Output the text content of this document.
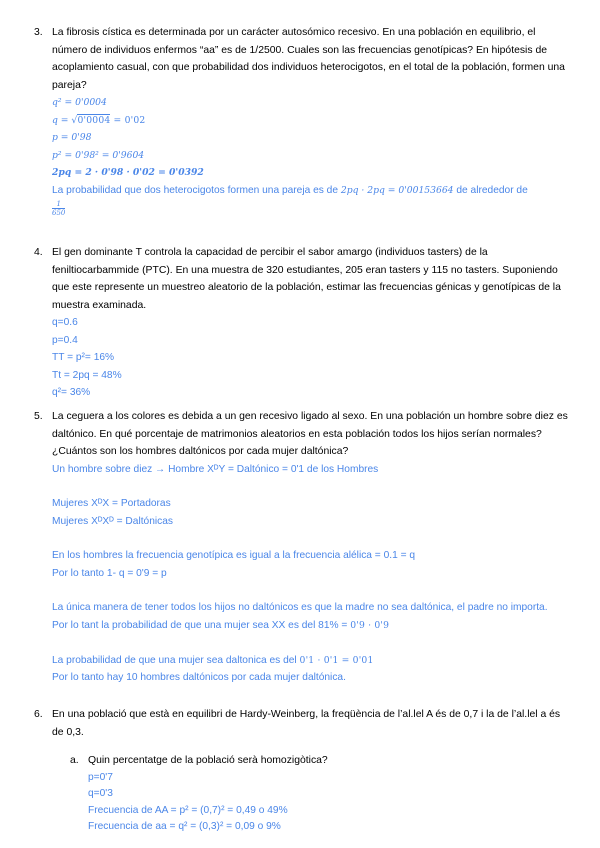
3. La fibrosis cística es determinada por un carácter autosómico recesivo. En una población en equilibrio, el número de individuos enfermos “aa” es de 1/2500. Cuales son las frecuencias genotípicas? En hipótesis de acoplamiento casual, con que probabilidad dos individuos heterocigotos, en el total de la población, formen una pareja?

q² = 0'0004

q = √0'0004 = 0'02

p = 0'98

p² = 0'98² = 0'9604

2pq = 2 · 0'98 · 0'02 = 0'0392

La probabilidad que dos heterocigotos formen una pareja es de 2pq · 2pq = 0'00153664 de alrededor de

$\frac{1}{650}$

4. El gen dominante T controla la capacidad de percibir el sabor amargo (individuos tasters) de la feniltiocarbammide (PTC). En una muestra de 320 estudiantes, 205 eran tasters y 115 no tasters. Suponiendo que este represente un muestreo aleatorio de la población, estimar las frecuencias génicas y genotípicas de la muestra examinada.

q=0.6

p=0.4

TT = p²= 16%

Tt = 2pq = 48%

q²= 36%

5. La ceguera a los colores es debida a un gen recesivo ligado al sexo. En una población un hombre sobre diez es daltónico. En qué porcentaje de matrimonios aleatorios en esta población todos los hijos serían normales? ¿Cuántos son los hombres daltónicos por cada mujer daltónica?

Un hombre sobre diez → Hombre XᴰY = Daltónico = 0'1 de los Hombres

Mujeres XᴰX = Portadoras

Mujeres XᴰXᴰ = Daltónicas

En los hombres la frecuencia genotípica es igual a la frecuencia alélica = 0.1 = q

Por lo tanto 1- q = 0'9 = p

La única manera de tener todos los hijos no daltónicos es que la madre no sea daltónica, el padre no importa.

Por lo tant la probabilidad de que una mujer sea XX es del 81% = 0'9 · 0'9

La probabilidad de que una mujer sea daltonica es del 0'1 · 0'1 = 0'01

Por lo tanto hay 10 hombres daltónicos por cada mujer daltónica.

6. En una població que està en equilibri de Hardy-Weinberg, la freqüència de l’al.lel A és de 0,7 i la de l’al.lel a és de 0,3.

a. Quin percentatge de la població serà homozigòtica?

p=0'7

q=0'3

Frecuencia de AA = p² = (0,7)² = 0,49 o 49%

Frecuencia de aa = q² = (0,3)² = 0,09 o 9%
